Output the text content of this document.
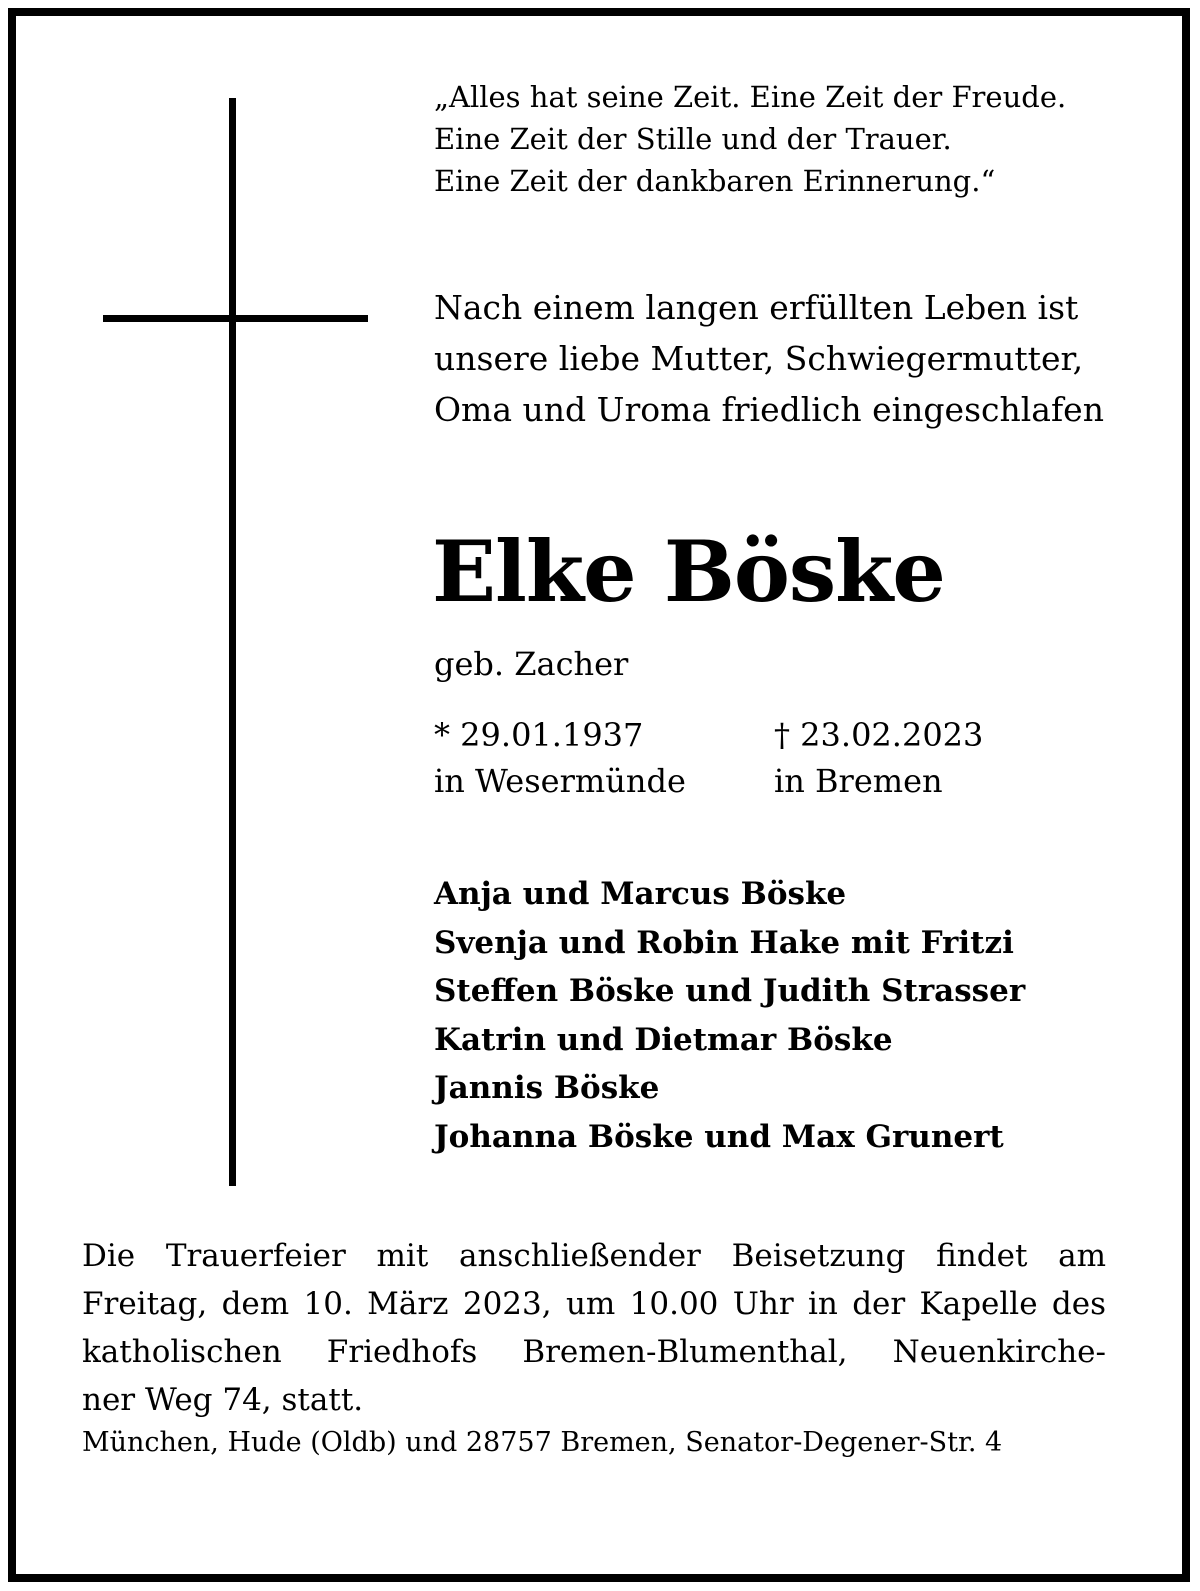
„Alles hat seine Zeit. Eine Zeit der Freude.
Eine Zeit der Stille und der Trauer.
Eine Zeit der dankbaren Erinnerung.“
Nach einem langen erfüllten Leben ist
unsere liebe Mutter, Schwiegermutter,
Oma und Uroma friedlich eingeschlafen
Elke Böske
geb. Zacher
* 29.01.1937
in Wesermünde
† 23.02.2023
in Bremen
Anja und Marcus Böske
Svenja und Robin Hake mit Fritzi
Steffen Böske und Judith Strasser
Katrin und Dietmar Böske
Jannis Böske
Johanna Böske und Max Grunert
Die Trauerfeier mit anschließender Beisetzung findet am
Freitag, dem 10. März 2023, um 10.00 Uhr in der Kapelle des
katholischen Friedhofs Bremen-Blumenthal, Neuenkirche-
ner Weg 74, statt.
München, Hude (Oldb) und 28757 Bremen, Senator-Degener-Str. 4
